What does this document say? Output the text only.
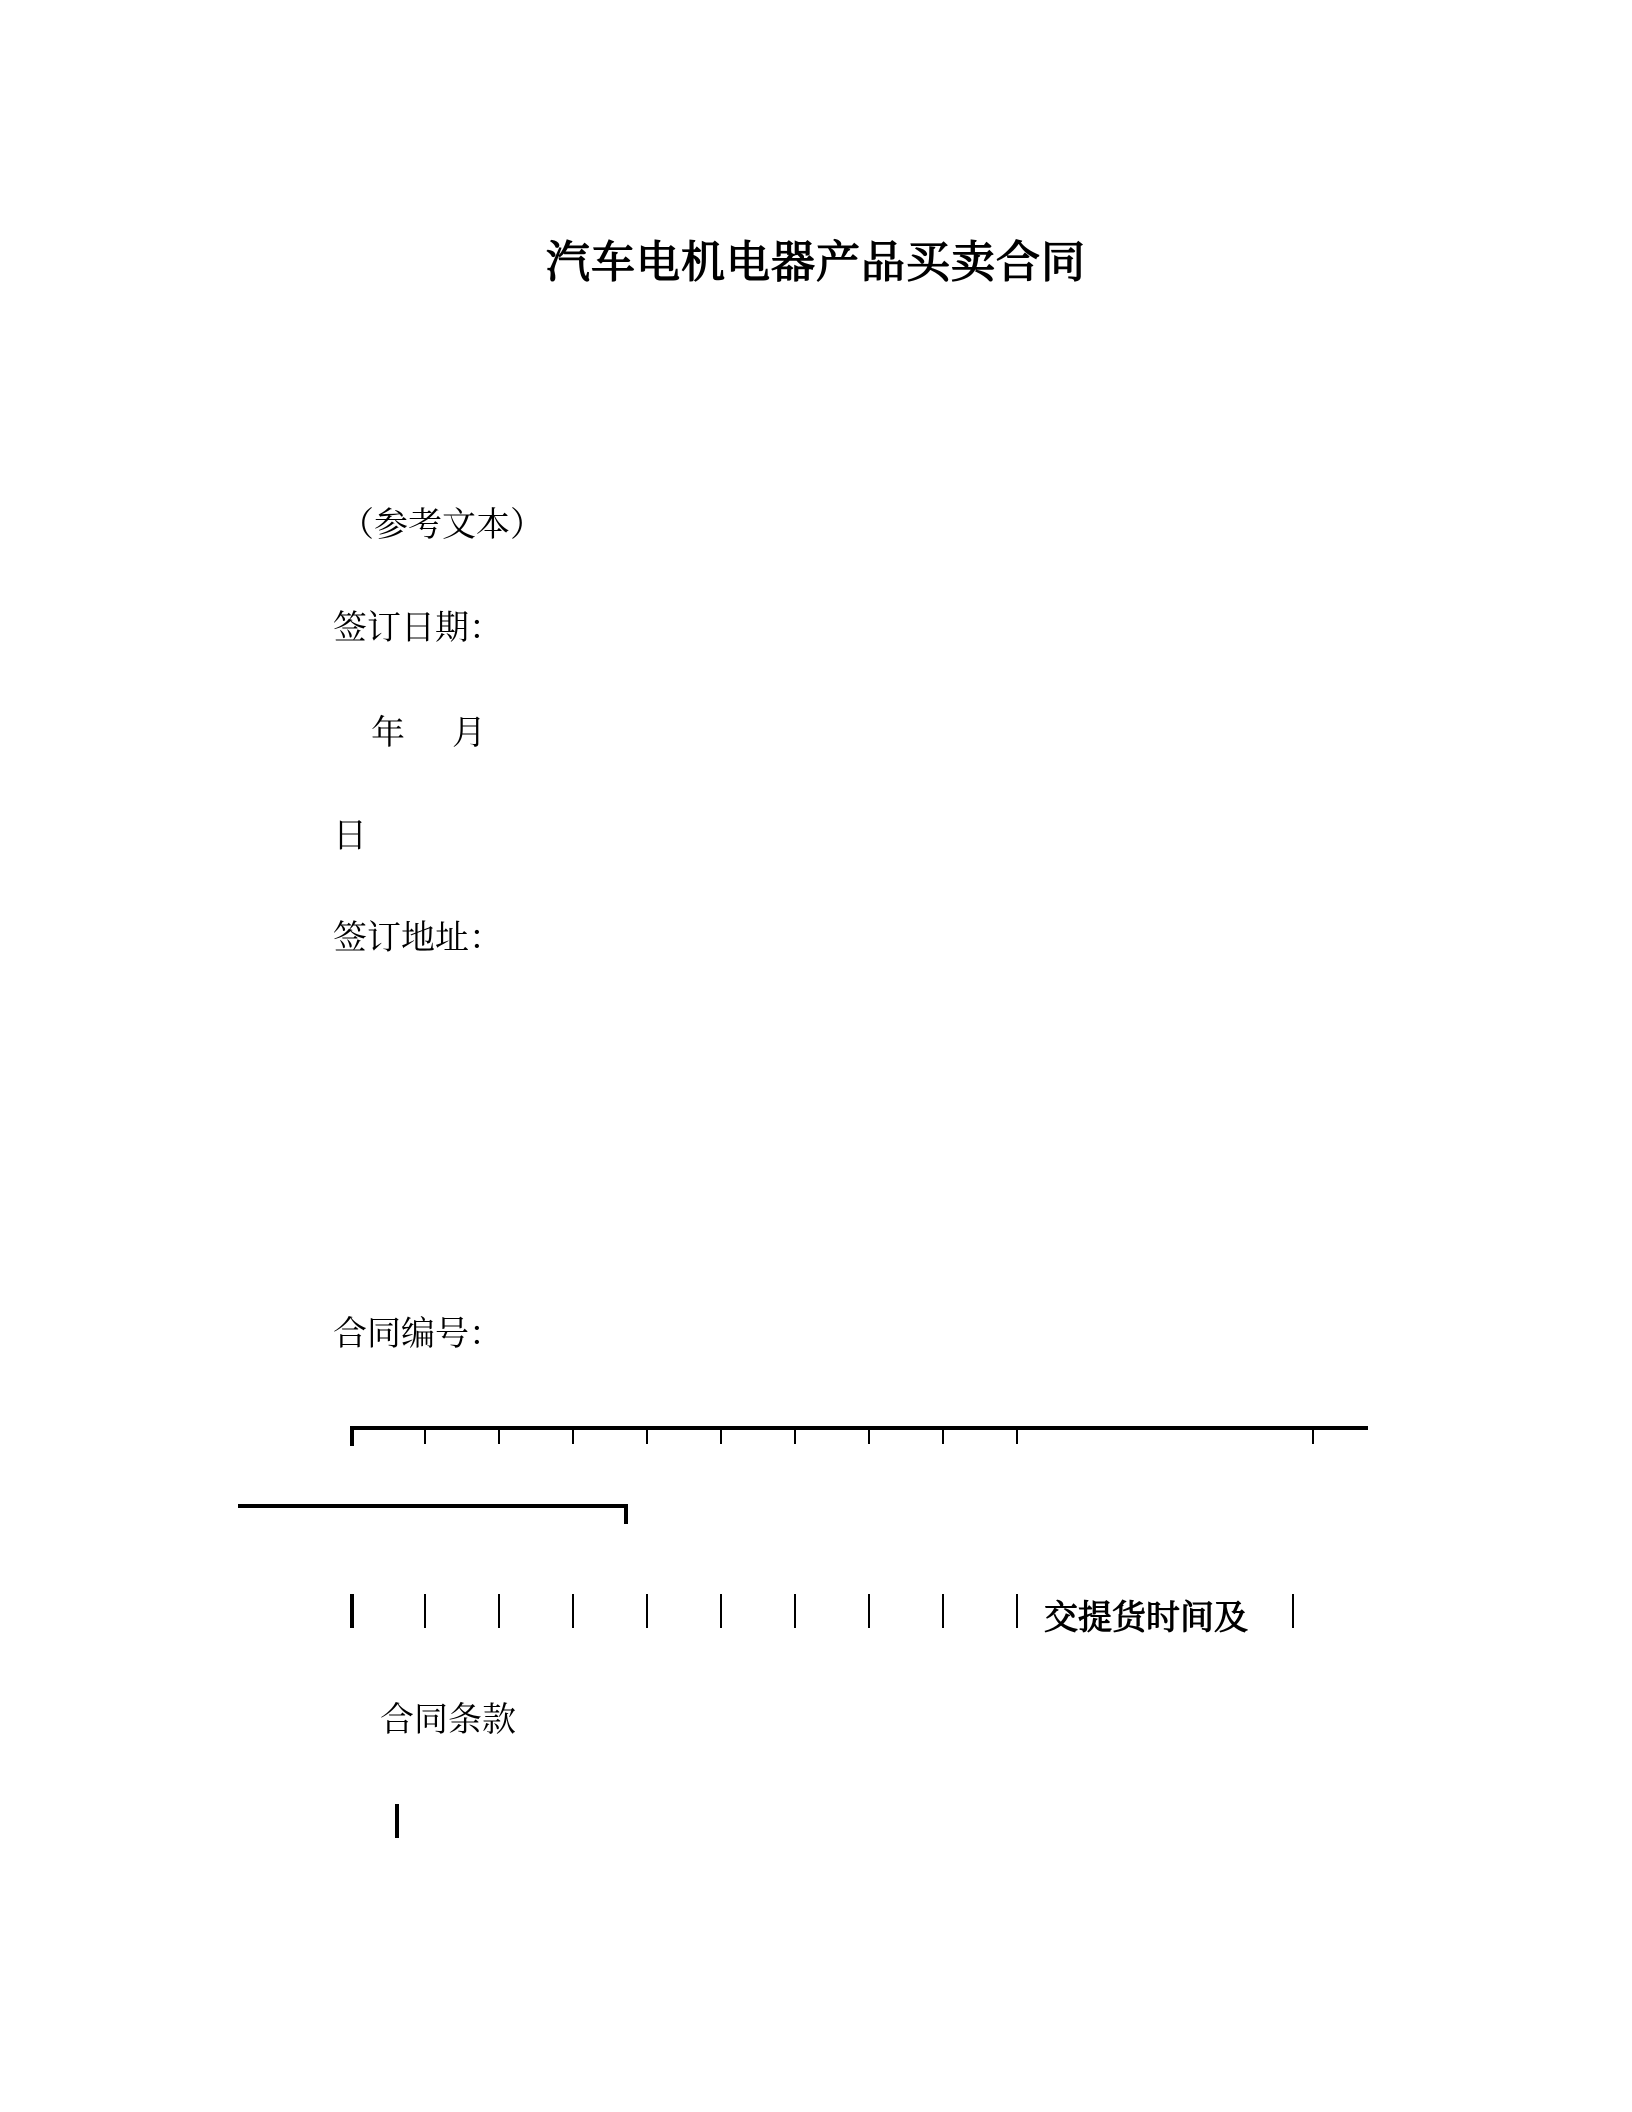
汽车电机电器产品买卖合同
（参考文本）
签订日期：
年 月
日
签订地址：
合同编号：
交提货时间及
合同条款
